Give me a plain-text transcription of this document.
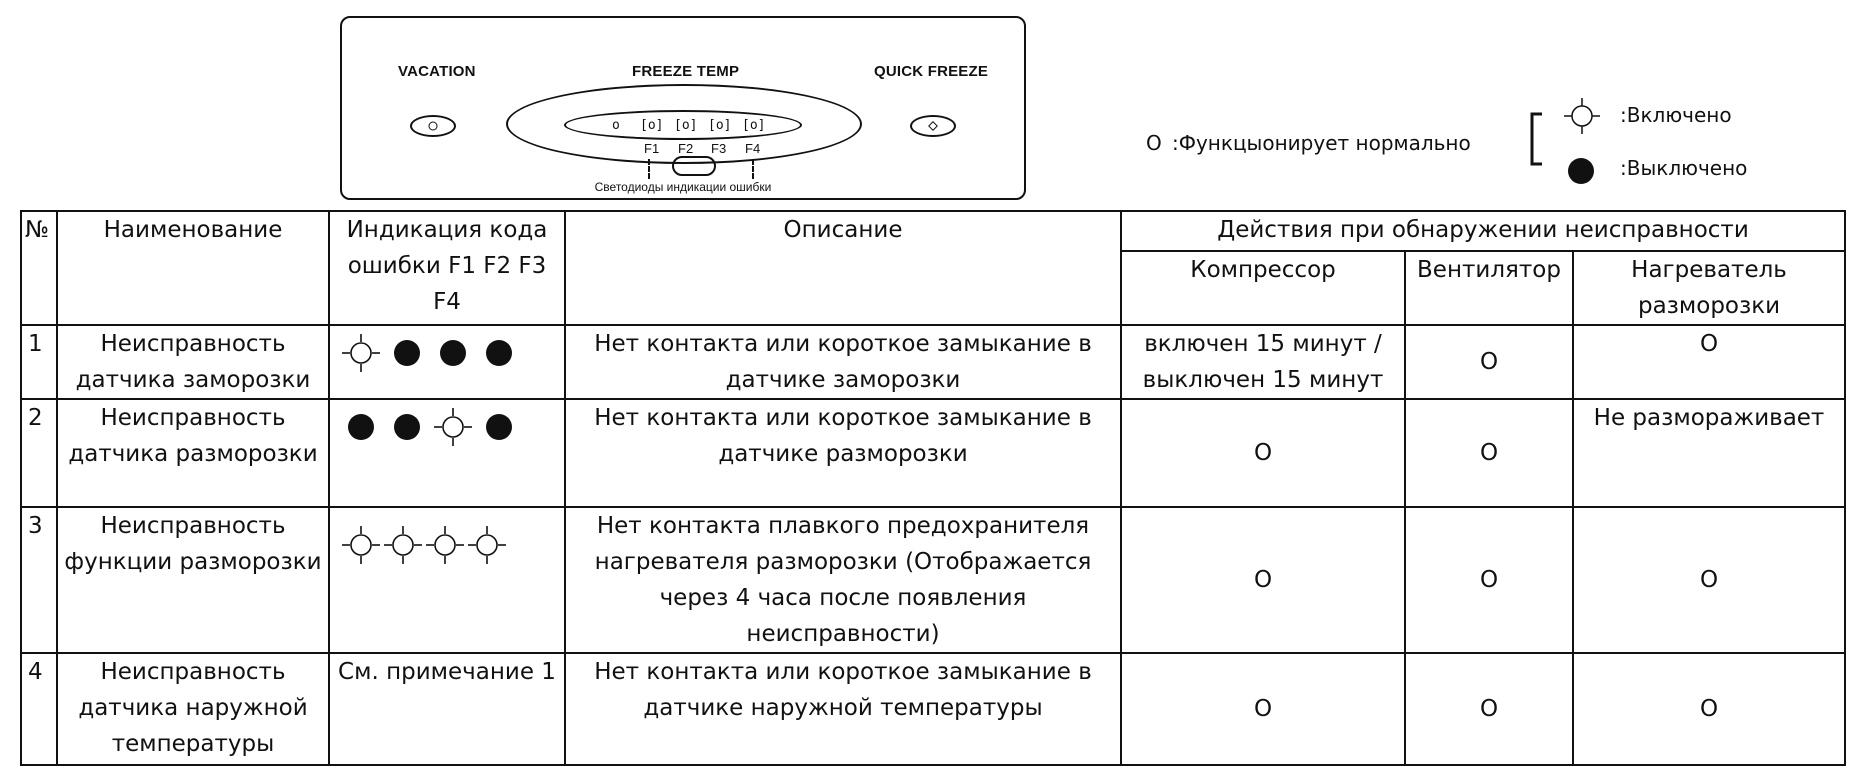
VACATION	FREEZE TEMP	QUICK FREEZE
o [o] [o] [o] [o]
F1 F2 F3 F4
Светодиоды индикации ошибки
O :Функцыонирует нормально
:Включено
:Выключено
№	Наименование	Индикация кода ошибки F1 F2 F3 F4	Описание	Действия при обнаружении неисправности		
				Компрессор	Вентилятор	Нагреватель разморозки
1	Неисправность датчика заморозки		Нет контакта или короткое замыкание в датчике заморозки	включен 15 минут / выключен 15 минут	O	O
2	Неисправность датчика разморозки		Нет контакта или короткое замыкание в датчике разморозки	O	O	Не размораживает
3	Неисправность функции разморозки		Нет контакта плавкого предохранителя нагревателя разморозки (Отображается через 4 часа после появления неисправности)	O	O	O
4	Неисправность датчика наружной температуры	См. примечание 1	Нет контакта или короткое замыкание в датчике наружной температуры	O	O	O
